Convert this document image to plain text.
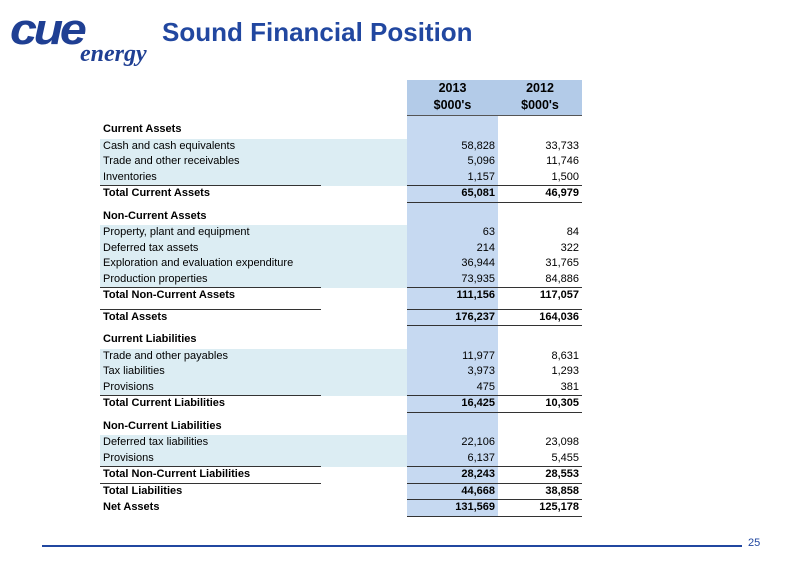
cue
energy
Sound Financial Position
		2013	2012
		$000's	$000's
Current Assets			
Cash and cash equivalents		58,828	33,733
Trade and other receivables		5,096	11,746
Inventories		1,157	1,500
Total Current Assets		65,081	46,979
Non-Current Assets			
Property, plant and equipment		63	84
Deferred tax assets		214	322
Exploration and evaluation expenditure		36,944	31,765
Production properties		73,935	84,886
Total Non-Current Assets		111,156	117,057

Total Assets		176,237	164,036
Current Liabilities			
Trade and other payables		11,977	8,631
Tax liabilities		3,973	1,293
Provisions		475	381
Total Current Liabilities		16,425	10,305
Non-Current Liabilities			
Deferred tax liabilities		22,106	23,098
Provisions		6,137	5,455
Total Non-Current Liabilities		28,243	28,553
Total Liabilities		44,668	38,858
Net Assets		131,569	125,178
25
